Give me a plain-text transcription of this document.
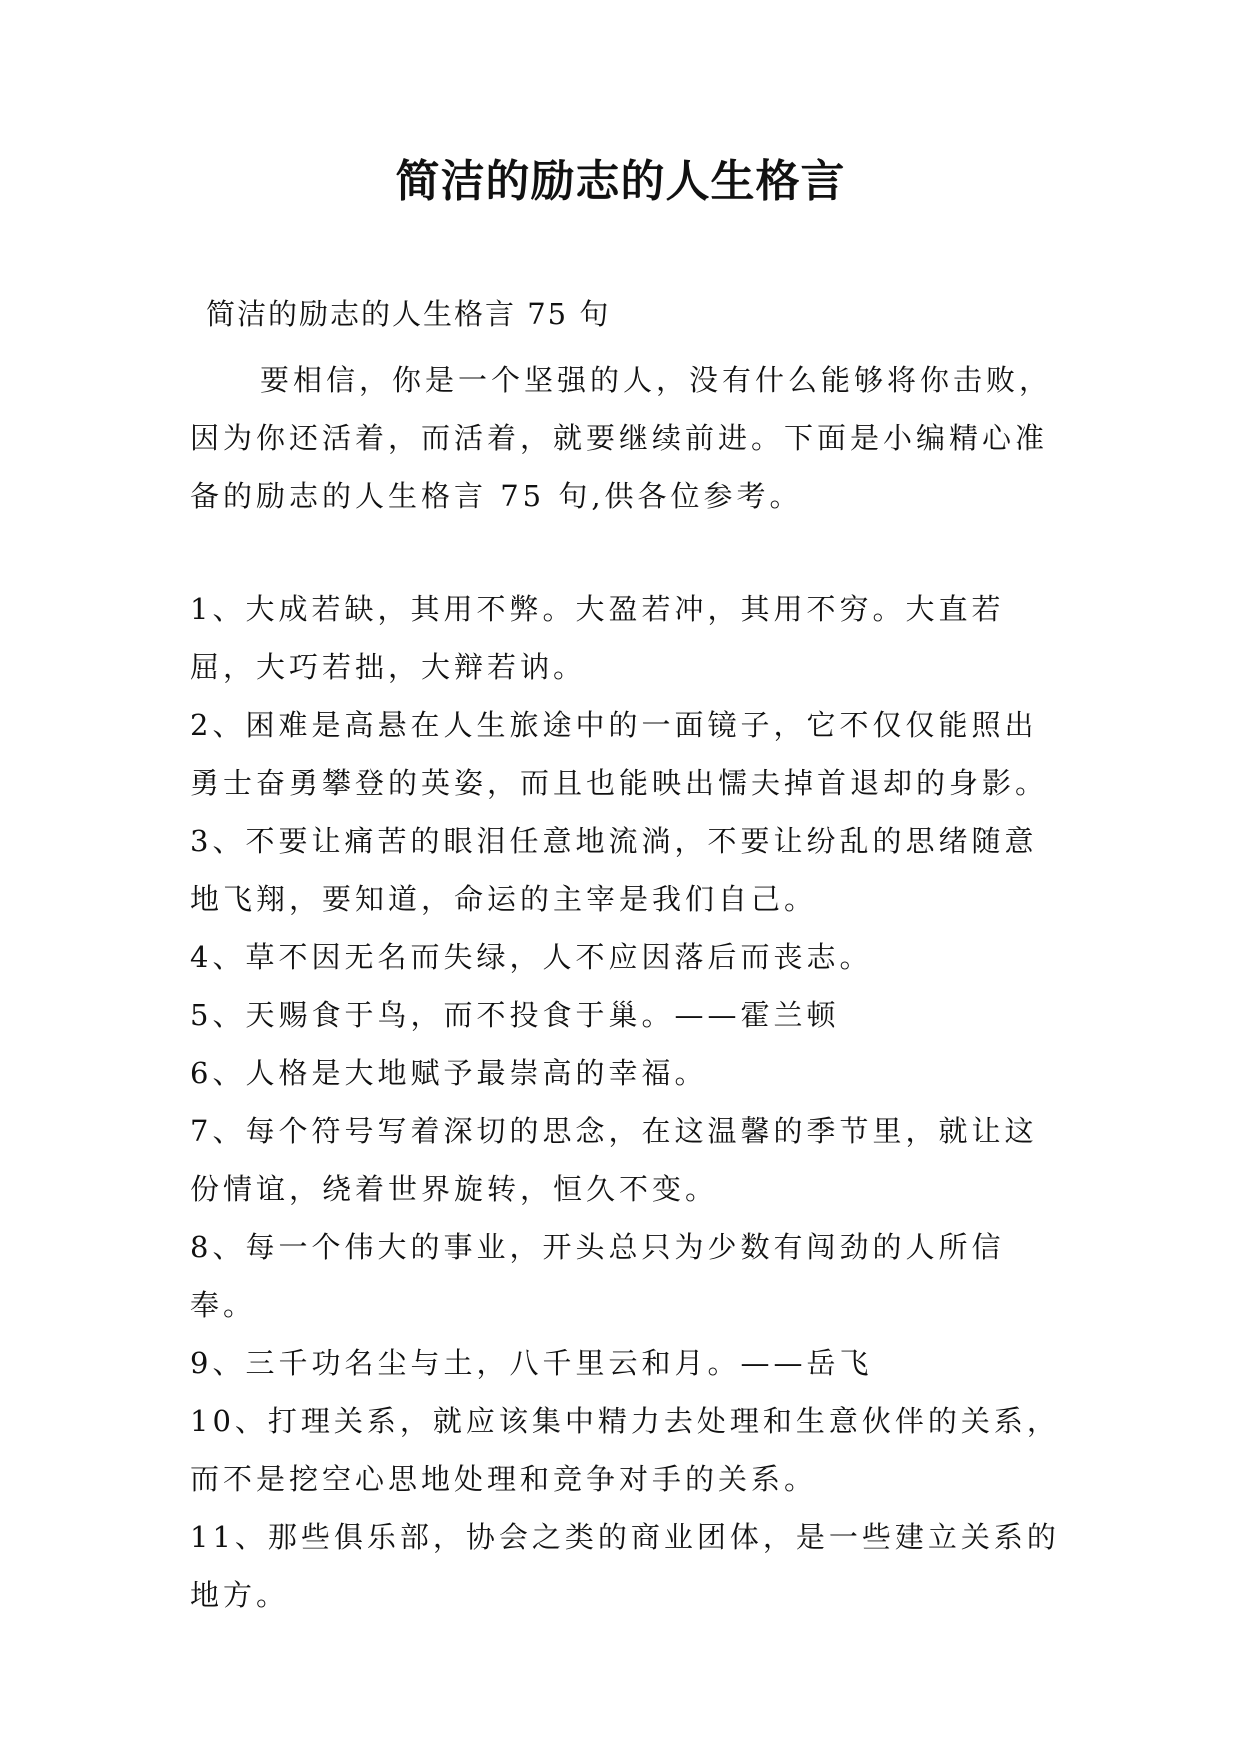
简洁的励志的人生格言
简洁的励志的人生格言 75 句

要相信，你是一个坚强的人，没有什么能够将你击败，因为你还活着，而活着，就要继续前进。下面是小编精心准备的励志的人生格言 75 句,供各位参考。

1、大成若缺，其用不弊。大盈若冲，其用不穷。大直若屈，大巧若拙，大辩若讷。
2、困难是高悬在人生旅途中的一面镜子，它不仅仅能照出勇士奋勇攀登的英姿，而且也能映出懦夫掉首退却的身影。
3、不要让痛苦的眼泪任意地流淌，不要让纷乱的思绪随意地飞翔，要知道，命运的主宰是我们自己。
4、草不因无名而失绿，人不应因落后而丧志。
5、天赐食于鸟，而不投食于巢。——霍兰顿
6、人格是大地赋予最崇高的幸福。
7、每个符号写着深切的思念，在这温馨的季节里，就让这份情谊，绕着世界旋转，恒久不变。
8、每一个伟大的事业，开头总只为少数有闯劲的人所信奉。
9、三千功名尘与土，八千里云和月。——岳飞
10、打理关系，就应该集中精力去处理和生意伙伴的关系，而不是挖空心思地处理和竞争对手的关系。
11、那些俱乐部，协会之类的商业团体，是一些建立关系的地方。
